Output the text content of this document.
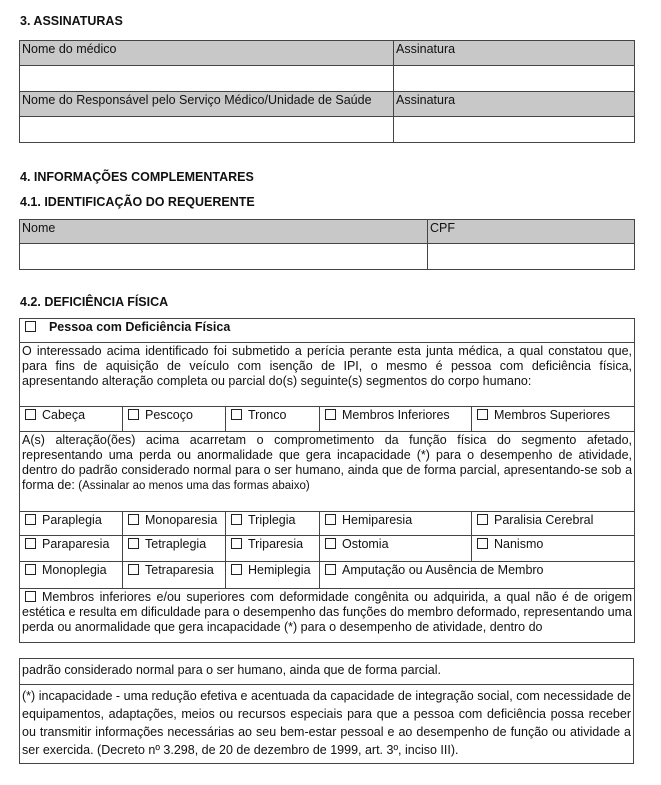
3. ASSINATURAS
Nome do médico	Assinatura

Nome do Responsável pelo Serviço Médico/Unidade de Saúde	Assinatura

4. INFORMAÇÕES COMPLEMENTARES
4.1. IDENTIFICAÇÃO DO REQUERENTE
Nome	CPF

4.2. DEFICIÊNCIA FÍSICA
Pessoa com Deficiência Física				
O interessado acima identificado foi submetido a perícia perante esta junta médica, a qual constatou que, para fins de aquisição de veículo com isenção de IPI, o mesmo é pessoa com deficiência física, apresentando alteração completa ou parcial do(s) seguinte(s) segmentos do corpo humano:				
Cabeça	Pescoço	Tronco	Membros Inferiores	Membros Superiores
A(s) alteração(ões) acima acarretam o comprometimento da função física do segmento afetado, representando uma perda ou anormalidade que gera incapacidade (*) para o desempenho de atividade, dentro do padrão considerado normal para o ser humano, ainda que de forma parcial, apresentando-se sob a forma de: (Assinalar ao menos uma das formas abaixo)				
Paraplegia	Monoparesia	Triplegia	Hemiparesia	Paralisia Cerebral
Paraparesia	Tetraplegia	Triparesia	Ostomia	Nanismo
Monoplegia	Tetraparesia	Hemiplegia	Amputação ou Ausência de Membro	
Membros inferiores e/ou superiores com deformidade congênita ou adquirida, a qual não é de origem estética e resulta em dificuldade para o desempenho das funções do membro deformado, representando uma perda ou anormalidade que gera incapacidade (*) para o desempenho de atividade, dentro do				
padrão considerado normal para o ser humano, ainda que de forma parcial.
(*) incapacidade - uma redução efetiva e acentuada da capacidade de integração social, com necessidade de equipamentos, adaptações, meios ou recursos especiais para que a pessoa com deficiência possa receber ou transmitir informações necessárias ao seu bem-estar pessoal e ao desempenho de função ou atividade a ser exercida. (Decreto nº 3.298, de 20 de dezembro de 1999, art. 3º, inciso III).
